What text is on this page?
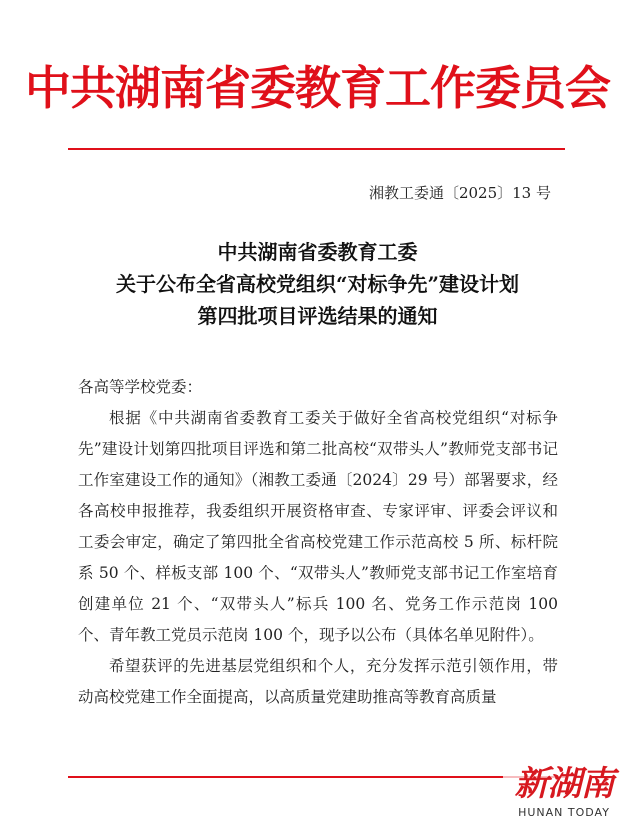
中共湖南省委教育工作委员会
湘教工委通〔2025〕13 号
中共湖南省委教育工委
关于公布全省高校党组织“对标争先”建设计划
第四批项目评选结果的通知

各高等学校党委：

根据《中共湖南省委教育工委关于做好全省高校党组织“对标争先”建设计划第四批项目评选和第二批高校“双带头人”教师党支部书记工作室建设工作的通知》（湘教工委通〔2024〕29 号）部署要求，经各高校申报推荐，我委组织开展资格审查、专家评审、评委会评议和工委会审定，确定了第四批全省高校党建工作示范高校 5 所、标杆院系 50 个、样板支部 100 个、“双带头人”教师党支部书记工作室培育创建单位 21 个、“双带头人”标兵 100 名、党务工作示范岗 100 个、青年教工党员示范岗 100 个，现予以公布（具体名单见附件）。

希望获评的先进基层党组织和个人，充分发挥示范引领作用，带动高校党建工作全面提高，以高质量党建助推高等教育高质量

新湖南
HUNAN TODAY
